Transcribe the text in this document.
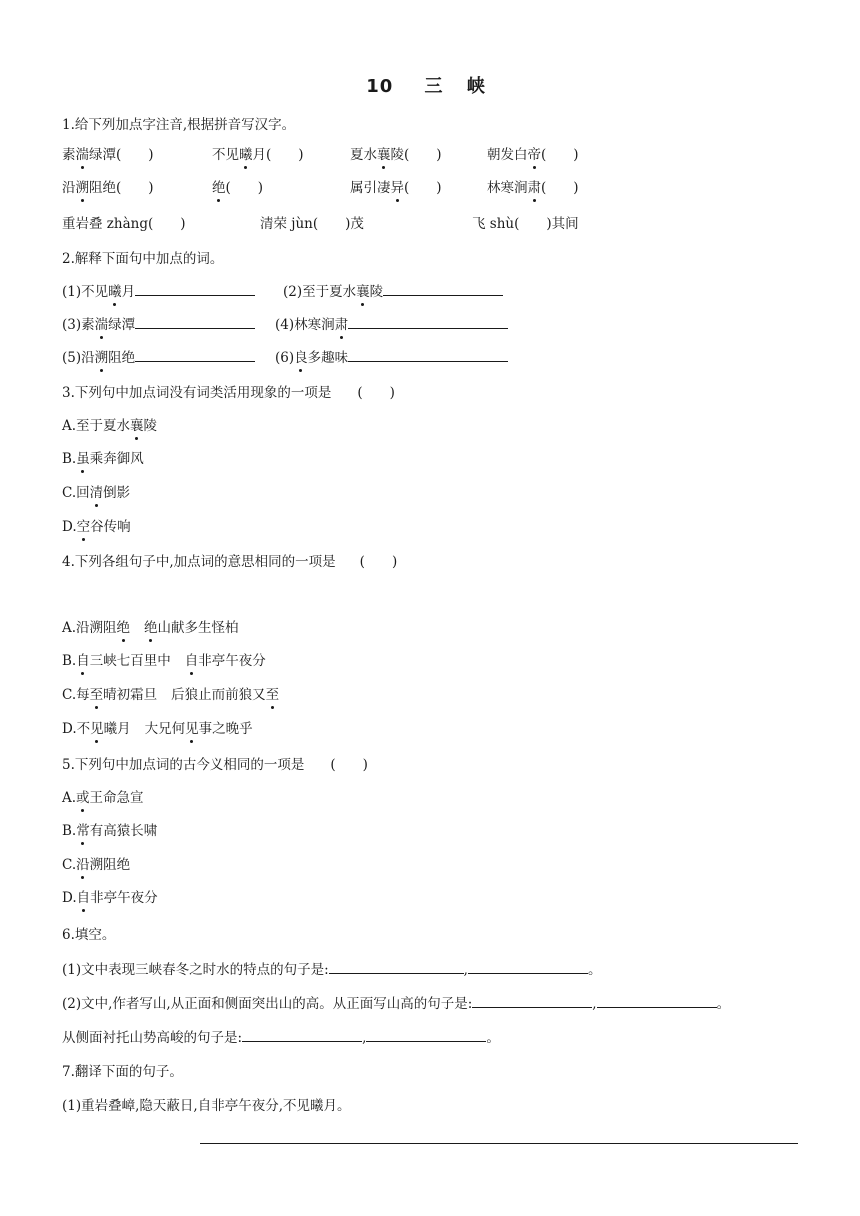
10 三 峡
1.给下列加点字注音,根据拼音写汉字。
素湍绿潭(　　)	不见曦月(　　)	夏水襄陵(　　)	朝发白帝(　　)
沿溯阻绝(　　)	绝(　　)	属引凄异(　　)	林寒涧肃(　　)
重岩叠 zhàng(　　)	清荣 jùn(　　)茂	飞 shù(　　)其间
2.解释下面句中加点的词。
(1)不见曦月	(2)至于夏水襄陵
(3)素湍绿潭	(4)林寒涧肃
(5)沿溯阻绝	(6)良多趣味
3.下列句中加点词没有词类活用现象的一项是 (　　)
A.至于夏水襄陵
B.虽乘奔御风
C.回清倒影
D.空谷传响
4.下列各组句子中,加点词的意思相同的一项是 (　　)
A.沿溯阻绝 绝山献多生怪柏
B.自三峡七百里中 自非亭午夜分
C.每至晴初霜旦 后狼止而前狼又至
D.不见曦月 大兄何见事之晚乎
5.下列句中加点词的古今义相同的一项是 (　　)
A.或王命急宣
B.常有高猿长啸
C.沿溯阻绝
D.自非亭午夜分
6.填空。
(1)文中表现三峡春冬之时水的特点的句子是:	,	。
(2)文中,作者写山,从正面和侧面突出山的高。从正面写山高的句子是:	,	。
从侧面衬托山势高峻的句子是:	,	。
7.翻译下面的句子。
(1)重岩叠嶂,隐天蔽日,自非亭午夜分,不见曦月。
